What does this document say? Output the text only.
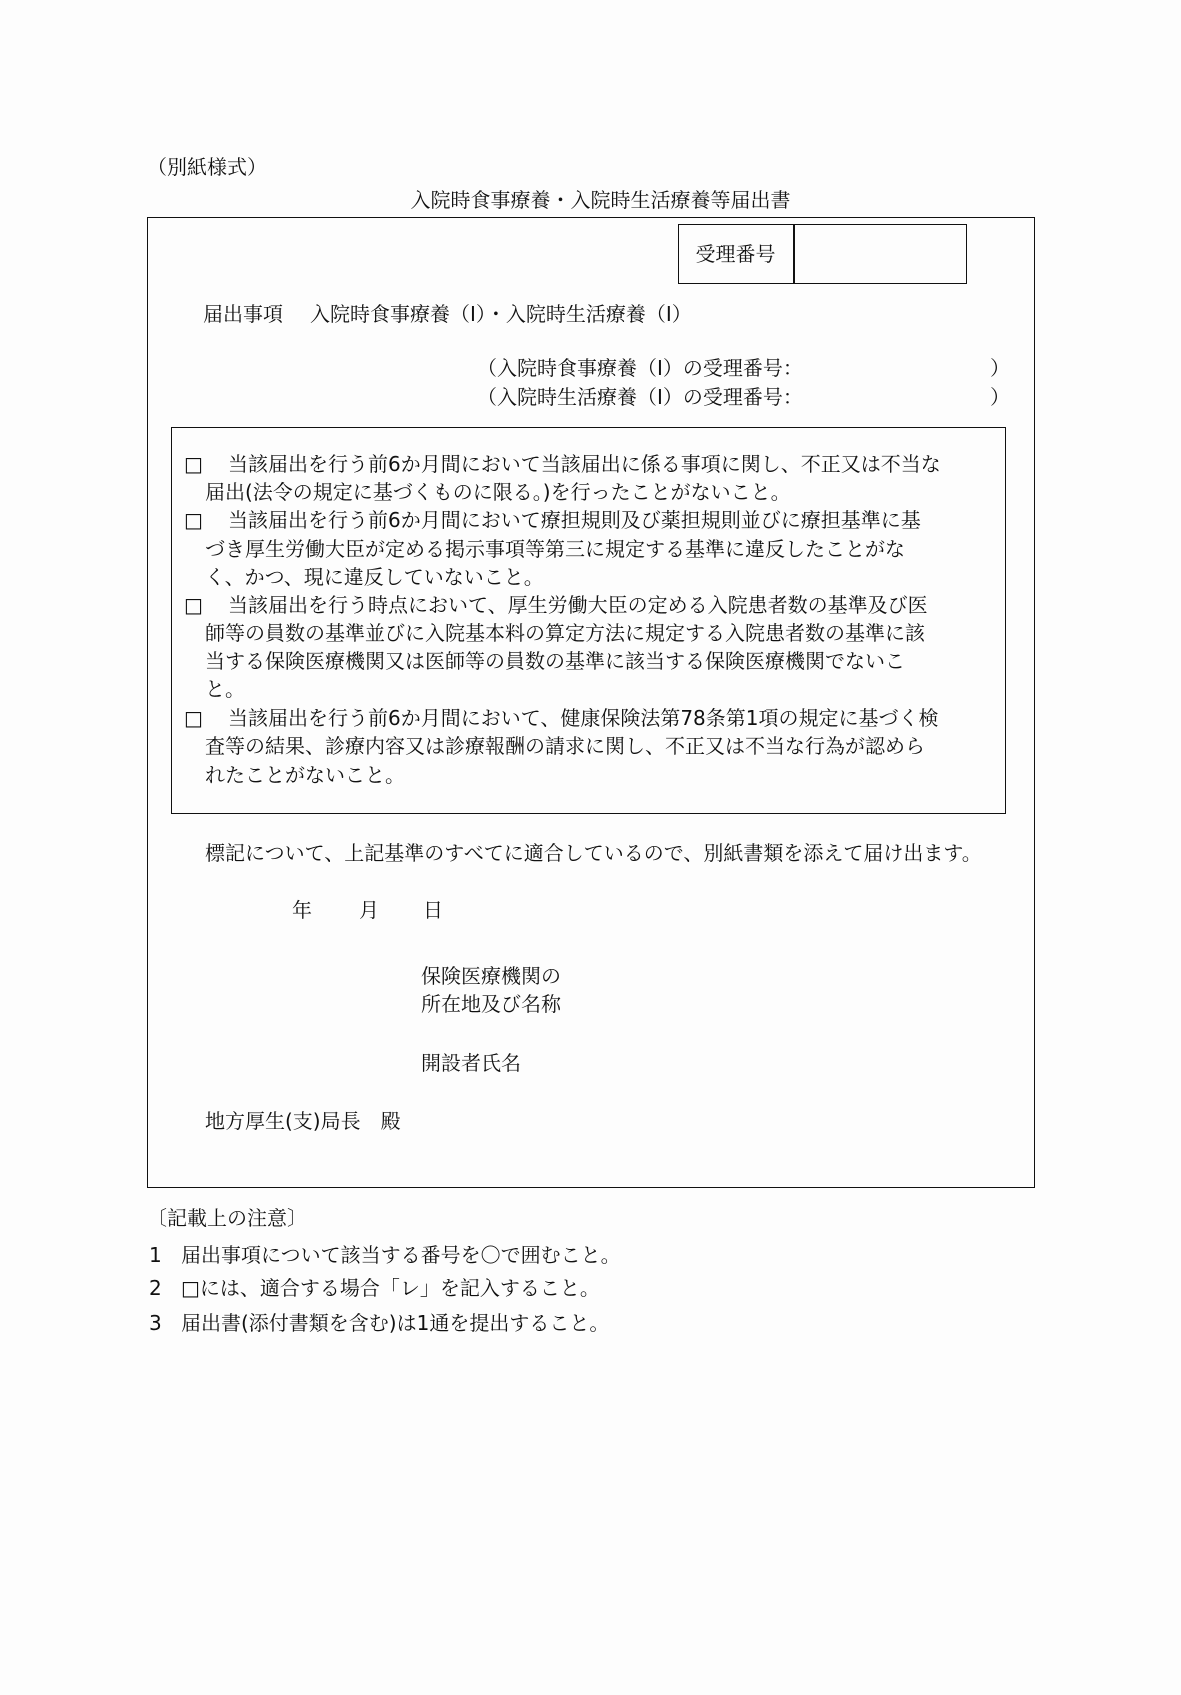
（別紙様式）
入院時食事療養・入院時生活療養等届出書
受理番号
届出事項 入院時食事療養（Ⅰ）・入院時生活療養（Ⅰ）
（入院時食事療養（Ⅰ）の受理番号：	）
（入院時生活療養（Ⅰ）の受理番号：	）
□ 当該届出を行う前6か月間において当該届出に係る事項に関し、不正又は不当な
届出(法令の規定に基づくものに限る。)を行ったことがないこと。
□ 当該届出を行う前6か月間において療担規則及び薬担規則並びに療担基準に基
づき厚生労働大臣が定める掲示事項等第三に規定する基準に違反したことがな
く、かつ、現に違反していないこと。
□ 当該届出を行う時点において、厚生労働大臣の定める入院患者数の基準及び医
師等の員数の基準並びに入院基本料の算定方法に規定する入院患者数の基準に該
当する保険医療機関又は医師等の員数の基準に該当する保険医療機関でないこ
と。
□ 当該届出を行う前6か月間において、健康保険法第78条第1項の規定に基づく検
査等の結果、診療内容又は診療報酬の請求に関し、不正又は不当な行為が認めら
れたことがないこと。
標記について、上記基準のすべてに適合しているので、別紙書類を添えて届け出ます。
年 月 日
保険医療機関の
所在地及び名称
開設者氏名
地方厚生(支)局長　殿
〔記載上の注意〕
1 届出事項について該当する番号を〇で囲むこと。
2 □には、適合する場合「レ」を記入すること。
3 届出書(添付書類を含む)は1通を提出すること。
